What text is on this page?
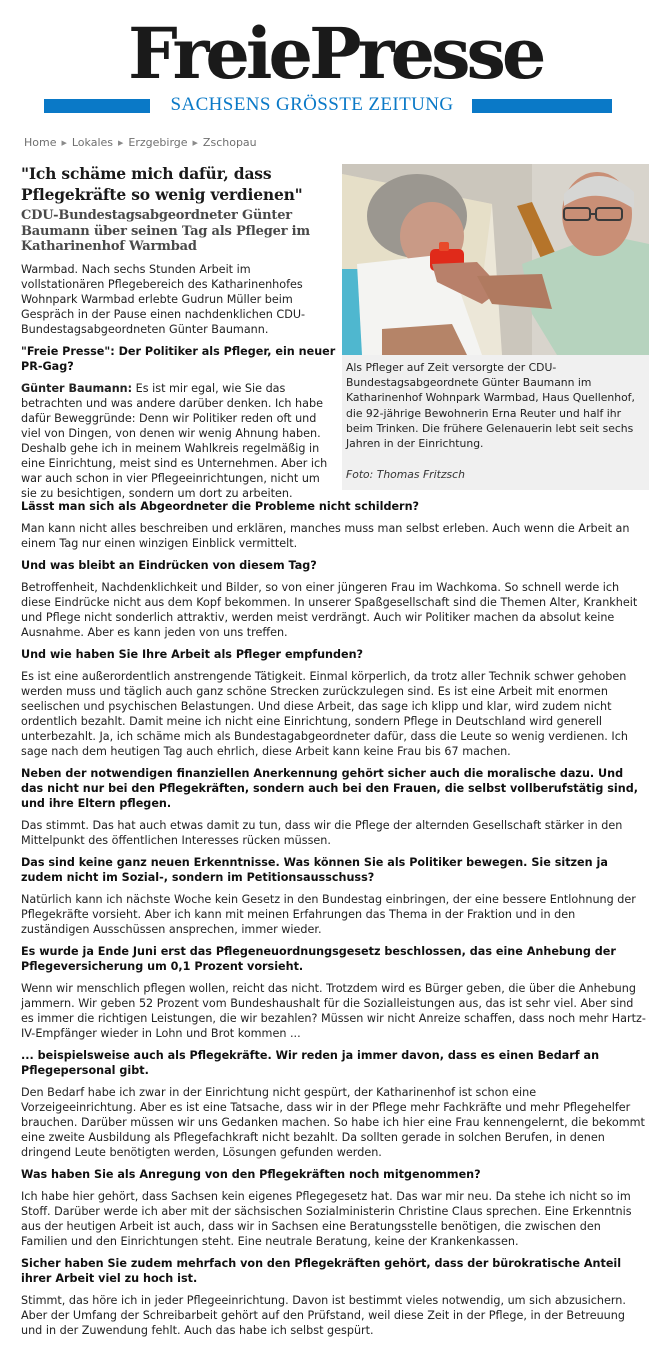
FreiePresse
SACHSENS GRÖSSTE ZEITUNG
Home ▶ Lokales ▶ Erzgebirge ▶ Zschopau
"Ich schäme mich dafür, dass Pflegekräfte so wenig verdienen"
CDU-Bundestagsabgeordneter Günter Baumann über seinen Tag als Pfleger im Katharinenhof Warmbad

Warmbad. Nach sechs Stunden Arbeit im vollstationären Pflegebereich des Katharinenhofes Wohnpark Warmbad erlebte Gudrun Müller beim Gespräch in der Pause einen nachdenklichen CDU-Bundestagsabgeordneten Günter Baumann.

"Freie Presse": Der Politiker als Pfleger, ein neuer PR-Gag?

Günter Baumann: Es ist mir egal, wie Sie das betrachten und was andere darüber denken. Ich habe dafür Beweggründe: Denn wir Politiker reden oft und viel von Dingen, von denen wir wenig Ahnung haben. Deshalb gehe ich in meinem Wahlkreis regelmäßig in eine Einrichtung, meist sind es Unternehmen. Aber ich war auch schon in vier Pflegeeinrichtungen, nicht um sie zu besichtigen, sondern um dort zu arbeiten.

Als Pfleger auf Zeit versorgte der CDU-Bundestagsabgeordnete Günter Baumann im Katharinenhof Wohnpark Warmbad, Haus Quellenhof, die 92-jährige Bewohnerin Erna Reuter und half ihr beim Trinken. Die frühere Gelenauerin lebt seit sechs Jahren in der Einrichtung.
Foto: Thomas Fritzsch

Lässt man sich als Abgeordneter die Probleme nicht schildern?

Man kann nicht alles beschreiben und erklären, manches muss man selbst erleben. Auch wenn die Arbeit an einem Tag nur einen winzigen Einblick vermittelt.

Und was bleibt an Eindrücken von diesem Tag?

Betroffenheit, Nachdenklichkeit und Bilder, so von einer jüngeren Frau im Wachkoma. So schnell werde ich diese Eindrücke nicht aus dem Kopf bekommen. In unserer Spaßgesellschaft sind die Themen Alter, Krankheit und Pflege nicht sonderlich attraktiv, werden meist verdrängt. Auch wir Politiker machen da absolut keine Ausnahme. Aber es kann jeden von uns treffen.

Und wie haben Sie Ihre Arbeit als Pfleger empfunden?

Es ist eine außerordentlich anstrengende Tätigkeit. Einmal körperlich, da trotz aller Technik schwer gehoben werden muss und täglich auch ganz schöne Strecken zurückzulegen sind. Es ist eine Arbeit mit enormen seelischen und psychischen Belastungen. Und diese Arbeit, das sage ich klipp und klar, wird zudem nicht ordentlich bezahlt. Damit meine ich nicht eine Einrichtung, sondern Pflege in Deutschland wird generell unterbezahlt. Ja, ich schäme mich als Bundestagabgeordneter dafür, dass die Leute so wenig verdienen. Ich sage nach dem heutigen Tag auch ehrlich, diese Arbeit kann keine Frau bis 67 machen.

Neben der notwendigen finanziellen Anerkennung gehört sicher auch die moralische dazu. Und das nicht nur bei den Pflegekräften, sondern auch bei den Frauen, die selbst vollberufstätig sind, und ihre Eltern pflegen.

Das stimmt. Das hat auch etwas damit zu tun, dass wir die Pflege der alternden Gesellschaft stärker in den Mittelpunkt des öffentlichen Interesses rücken müssen.

Das sind keine ganz neuen Erkenntnisse. Was können Sie als Politiker bewegen. Sie sitzen ja zudem nicht im Sozial-, sondern im Petitionsausschuss?

Natürlich kann ich nächste Woche kein Gesetz in den Bundestag einbringen, der eine bessere Entlohnung der Pflegekräfte vorsieht. Aber ich kann mit meinen Erfahrungen das Thema in der Fraktion und in den zuständigen Ausschüssen ansprechen, immer wieder.

Es wurde ja Ende Juni erst das Pflegeneuordnungsgesetz beschlossen, das eine Anhebung der Pflegeversicherung um 0,1 Prozent vorsieht.

Wenn wir menschlich pflegen wollen, reicht das nicht. Trotzdem wird es Bürger geben, die über die Anhebung jammern. Wir geben 52 Prozent vom Bundeshaushalt für die Sozialleistungen aus, das ist sehr viel. Aber sind es immer die richtigen Leistungen, die wir bezahlen? Müssen wir nicht Anreize schaffen, dass noch mehr Hartz-IV-Empfänger wieder in Lohn und Brot kommen ...

... beispielsweise auch als Pflegekräfte. Wir reden ja immer davon, dass es einen Bedarf an Pflegepersonal gibt.

Den Bedarf habe ich zwar in der Einrichtung nicht gespürt, der Katharinenhof ist schon eine Vorzeigeeinrichtung. Aber es ist eine Tatsache, dass wir in der Pflege mehr Fachkräfte und mehr Pflegehelfer brauchen. Darüber müssen wir uns Gedanken machen. So habe ich hier eine Frau kennengelernt, die bekommt eine zweite Ausbildung als Pflegefachkraft nicht bezahlt. Da sollten gerade in solchen Berufen, in denen dringend Leute benötigten werden, Lösungen gefunden werden.

Was haben Sie als Anregung von den Pflegekräften noch mitgenommen?

Ich habe hier gehört, dass Sachsen kein eigenes Pflegegesetz hat. Das war mir neu. Da stehe ich nicht so im Stoff. Darüber werde ich aber mit der sächsischen Sozialministerin Christine Claus sprechen. Eine Erkenntnis aus der heutigen Arbeit ist auch, dass wir in Sachsen eine Beratungsstelle benötigen, die zwischen den Familien und den Einrichtungen steht. Eine neutrale Beratung, keine der Krankenkassen.

Sicher haben Sie zudem mehrfach von den Pflegekräften gehört, dass der bürokratische Anteil ihrer Arbeit viel zu hoch ist.

Stimmt, das höre ich in jeder Pflegeeinrichtung. Davon ist bestimmt vieles notwendig, um sich abzusichern. Aber der Umfang der Schreibarbeit gehört auf den Prüfstand, weil diese Zeit in der Pflege, in der Betreuung und in der Zuwendung fehlt. Auch das habe ich selbst gespürt.
